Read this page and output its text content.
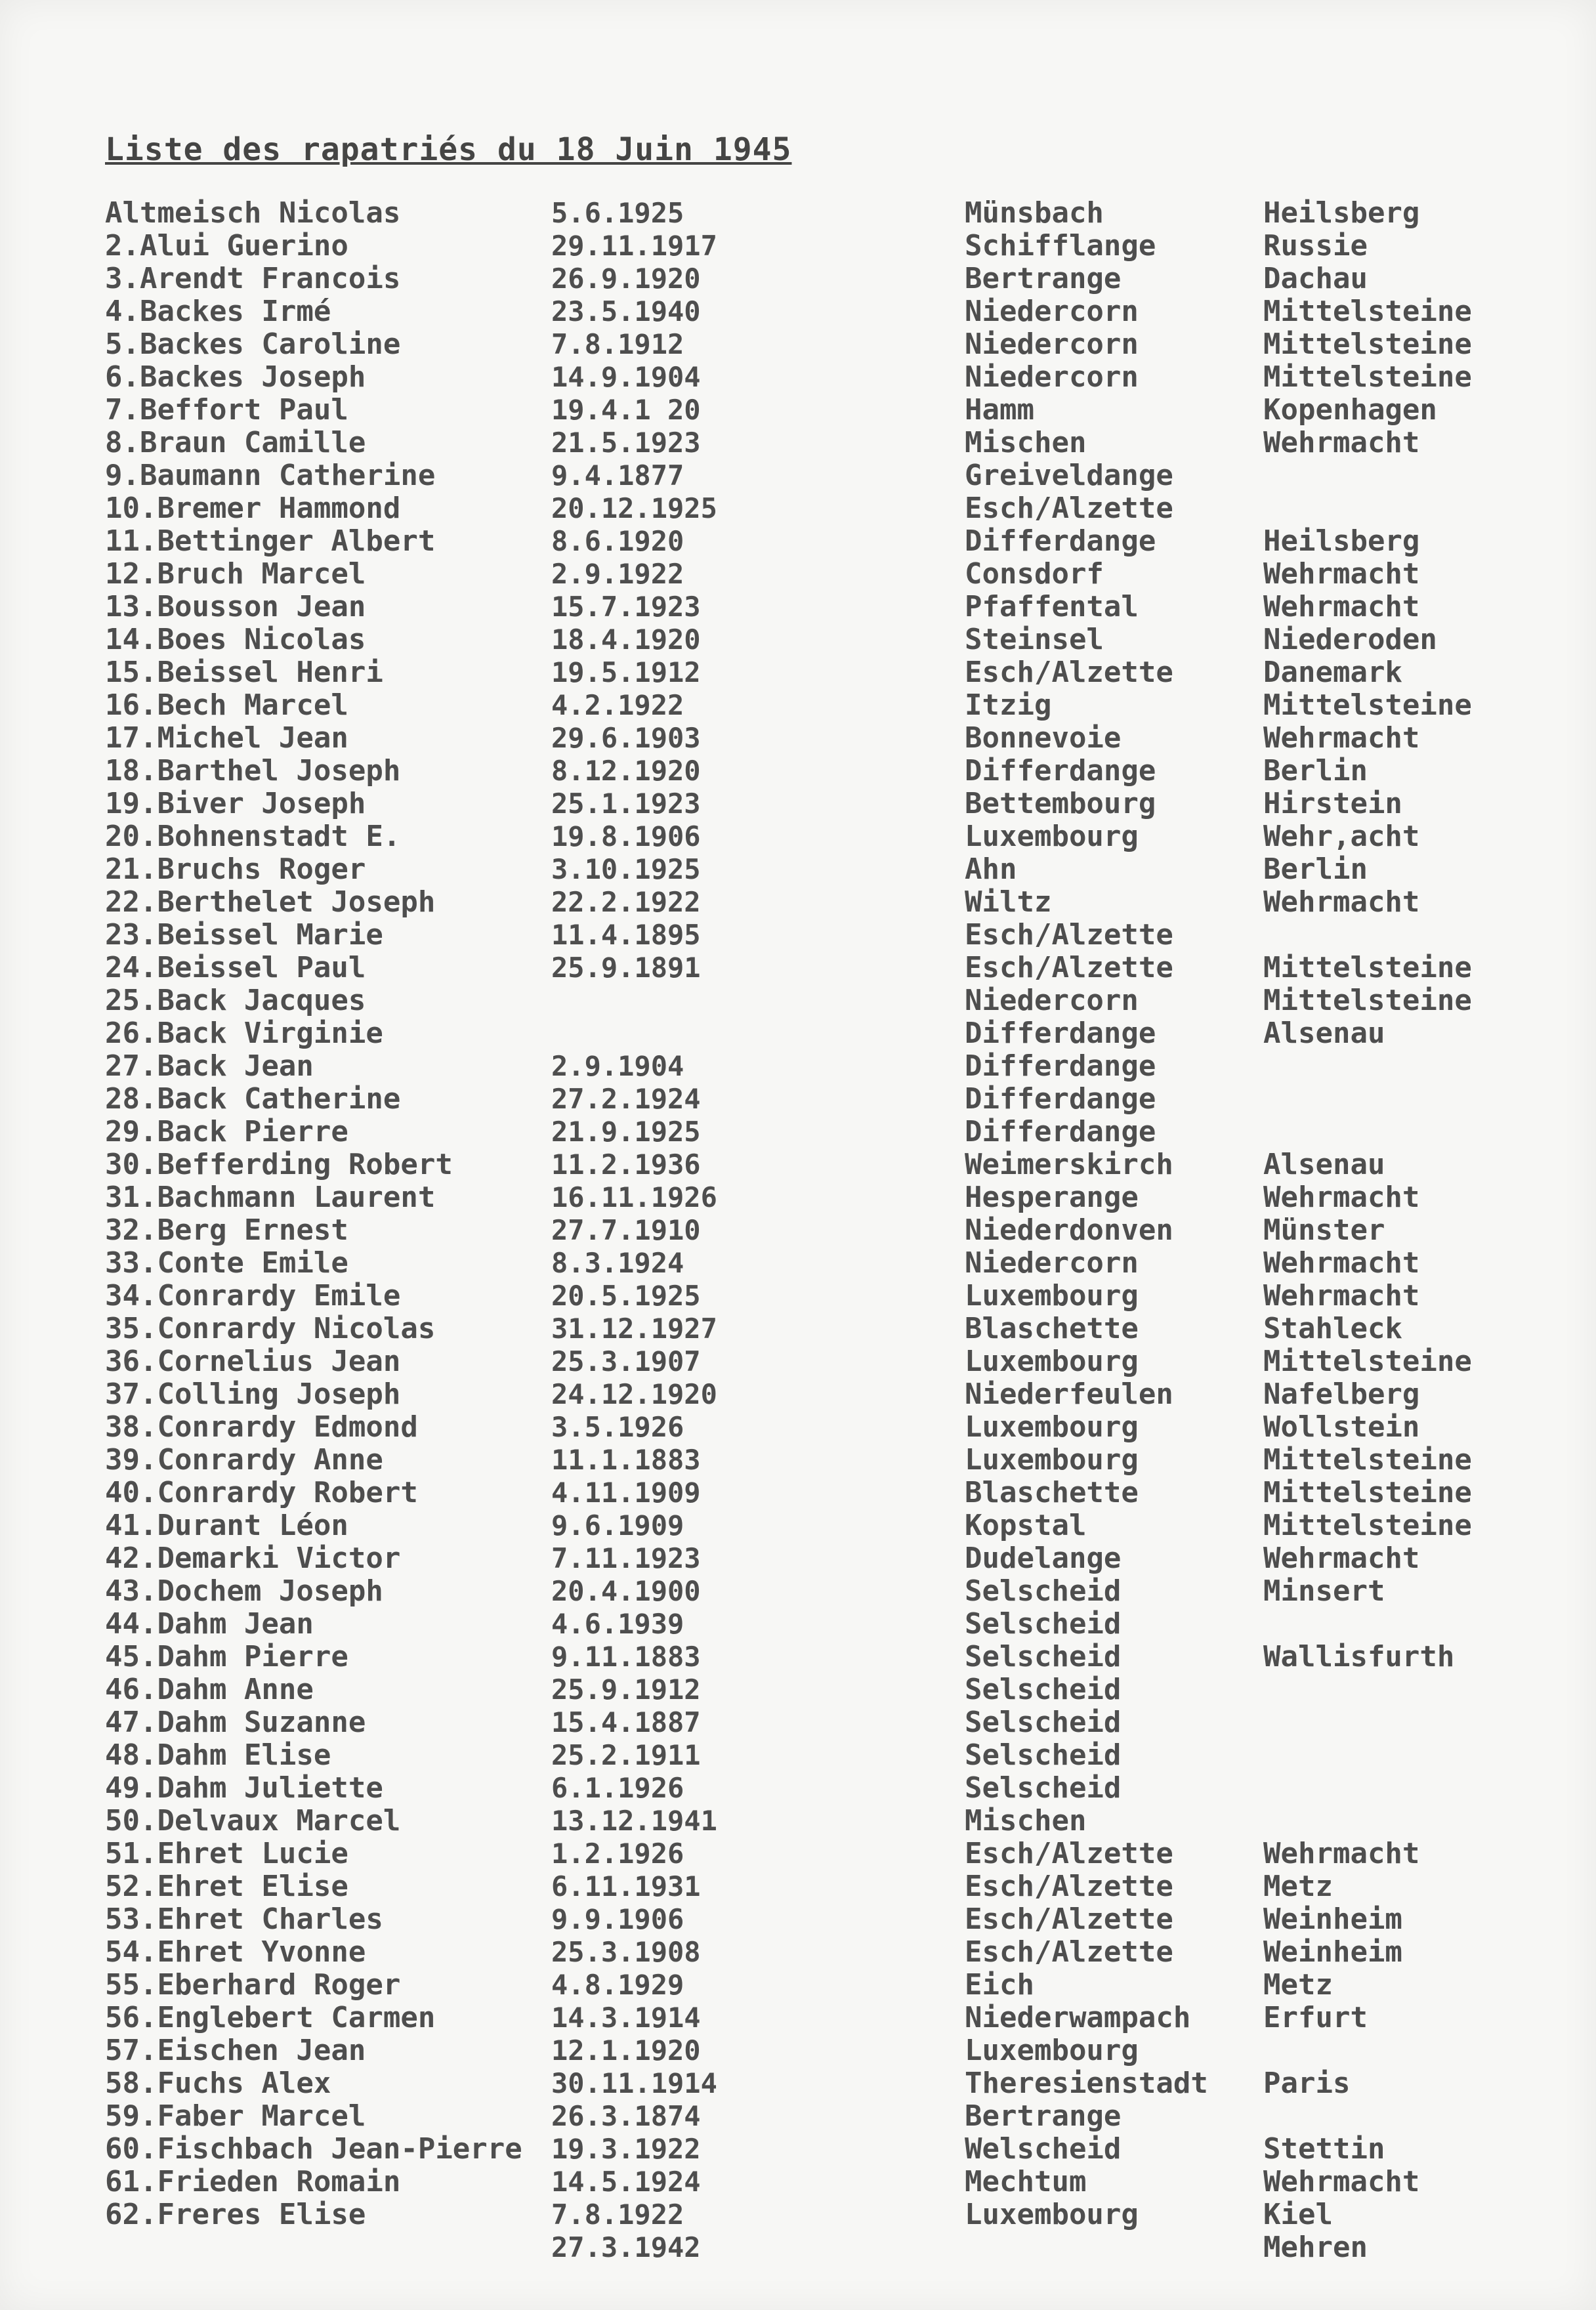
Liste des rapatriés du 18 Juin 1945
Altmeisch Nicolas
2.Alui Guerino
3.Arendt Francois
4.Backes Irmé
5.Backes Caroline
6.Backes Joseph
7.Beffort Paul
8.Braun Camille
9.Baumann Catherine
10.Bremer Hammond
11.Bettinger Albert
12.Bruch Marcel
13.Bousson Jean
14.Boes Nicolas
15.Beissel Henri
16.Bech Marcel
17.Michel Jean
18.Barthel Joseph
19.Biver Joseph
20.Bohnenstadt E.
21.Bruchs Roger
22.Berthelet Joseph
23.Beissel Marie
24.Beissel Paul
25.Back Jacques
26.Back Virginie
27.Back Jean
28.Back Catherine
29.Back Pierre
30.Befferding Robert
31.Bachmann Laurent
32.Berg Ernest
33.Conte Emile
34.Conrardy Emile
35.Conrardy Nicolas
36.Cornelius Jean
37.Colling Joseph
38.Conrardy Edmond
39.Conrardy Anne
40.Conrardy Robert
41.Durant Léon
42.Demarki Victor
43.Dochem Joseph
44.Dahm Jean
45.Dahm Pierre
46.Dahm Anne
47.Dahm Suzanne
48.Dahm Elise
49.Dahm Juliette
50.Delvaux Marcel
51.Ehret Lucie
52.Ehret Elise
53.Ehret Charles
54.Ehret Yvonne
55.Eberhard Roger
56.Englebert Carmen
57.Eischen Jean
58.Fuchs Alex
59.Faber Marcel
60.Fischbach Jean-Pierre
61.Frieden Romain
62.Freres Elise
5.6.1925
29.11.1917
26.9.1920
23.5.1940
7.8.1912
14.9.1904
19.4.1 20
21.5.1923
9.4.1877
20.12.1925
8.6.1920
2.9.1922
15.7.1923
18.4.1920
19.5.1912
4.2.1922
29.6.1903
8.12.1920
25.1.1923
19.8.1906
3.10.1925
22.2.1922
11.4.1895
25.9.1891
2.9.1904
27.2.1924
21.9.1925
11.2.1936
16.11.1926
27.7.1910
8.3.1924
20.5.1925
31.12.1927
25.3.1907
24.12.1920
3.5.1926
11.1.1883
4.11.1909
9.6.1909
7.11.1923
20.4.1900
4.6.1939
9.11.1883
25.9.1912
15.4.1887
25.2.1911
6.1.1926
13.12.1941
1.2.1926
6.11.1931
9.9.1906
25.3.1908
4.8.1929
14.3.1914
12.1.1920
30.11.1914
26.3.1874
19.3.1922
14.5.1924
7.8.1922
27.3.1942
Münsbach
Schifflange
Bertrange
Niedercorn
Niedercorn
Niedercorn
Hamm
Mischen
Greiveldange
Esch/Alzette
Differdange
Consdorf
Pfaffental
Steinsel
Esch/Alzette
Itzig
Bonnevoie
Differdange
Bettembourg
Luxembourg
Ahn
Wiltz
Esch/Alzette
Esch/Alzette
Niedercorn
Differdange
Differdange
Differdange
Differdange
Weimerskirch
Hesperange
Niederdonven
Niedercorn
Luxembourg
Blaschette
Luxembourg
Niederfeulen
Luxembourg
Luxembourg
Blaschette
Kopstal
Dudelange
Selscheid
Selscheid
Selscheid
Selscheid
Selscheid
Selscheid
Selscheid
Mischen
Esch/Alzette
Esch/Alzette
Esch/Alzette
Esch/Alzette
Eich
Niederwampach
Luxembourg
Theresienstadt
Bertrange
Welscheid
Mechtum
Luxembourg
Heilsberg
Russie
Dachau
Mittelsteine
Mittelsteine
Mittelsteine
Kopenhagen
Wehrmacht
Heilsberg
Wehrmacht
Wehrmacht
Niederoden
Danemark
Mittelsteine
Wehrmacht
Berlin
Hirstein
Wehr,acht
Berlin
Wehrmacht
Mittelsteine
Mittelsteine
Alsenau
Alsenau
Wehrmacht
Münster
Wehrmacht
Wehrmacht
Stahleck
Mittelsteine
Nafelberg
Wollstein
Mittelsteine
Mittelsteine
Mittelsteine
Wehrmacht
Minsert
Wallisfurth
Wehrmacht
Metz
Weinheim
Weinheim
Metz
Erfurt
Paris
Stettin
Wehrmacht
Kiel
Mehren
